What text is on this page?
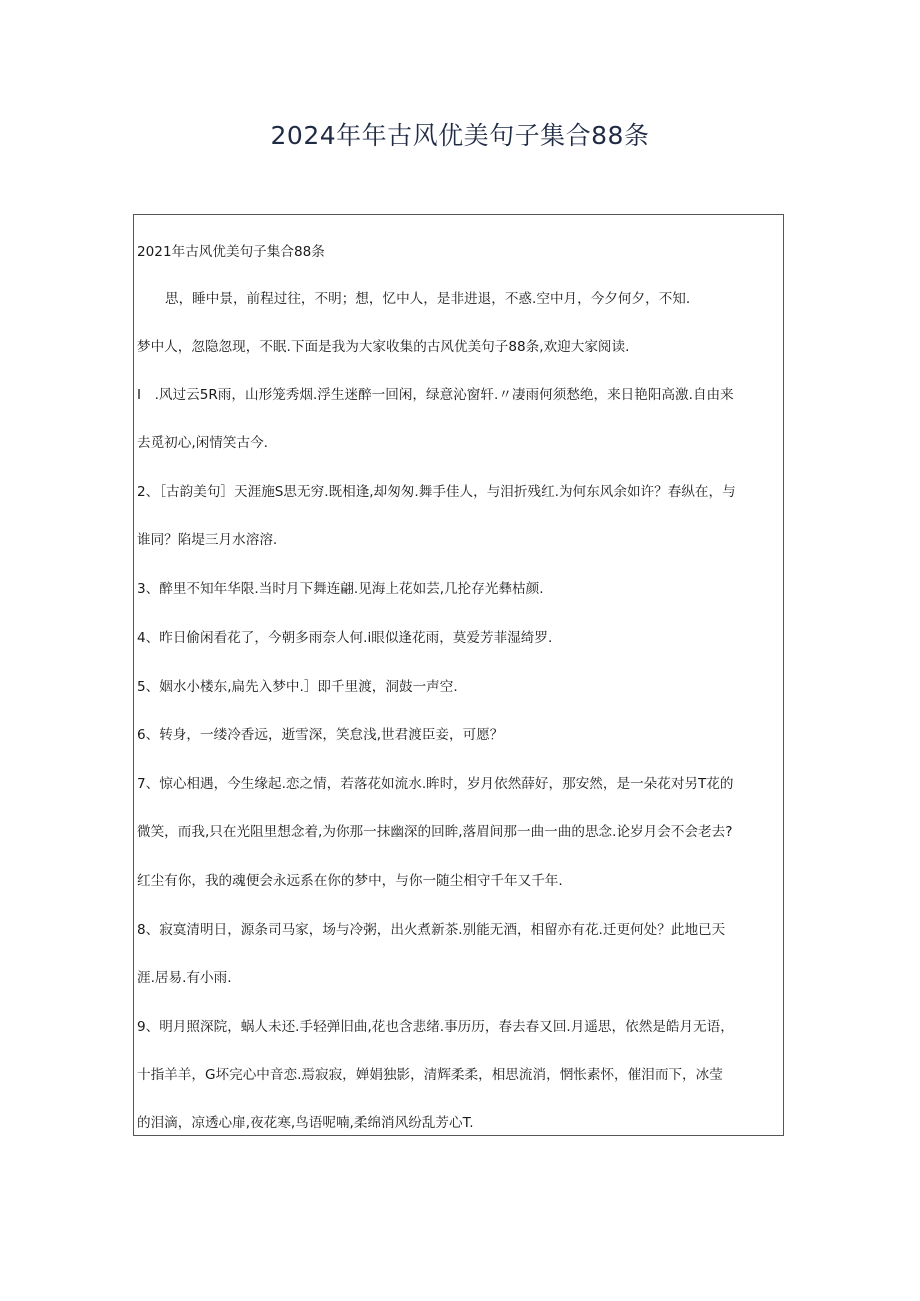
2024年年古风优美句子集合88条
2021年古风优美句子集合88条
思，睡中景，前程过往，不明；想，忆中人，是非进退，不惑.空中月，今夕何夕，不知.
梦中人，忽隐忽现，不眠.下面是我为大家收集的古风优美句子88条,欢迎大家阅读.
I　.风过云5R雨，山形笼秀烟.浮生迷醉一回闲，绿意沁窗轩.〃凄雨何须愁绝，来日艳阳高激.自由来
去觅初心,闲情笑古今.
2、［古韵美句］天涯施S思无穷.既相逢,却匆匆.舞手佳人，与泪折残红.为何东风余如许？春纵在，与
谁同？陷堤三月水溶溶.
3、醉里不知年华限.当时月下舞连翩.见海上花如芸,几抡存光彝枯颜.
4、昨日偷闲看花了，今朝多雨奈人何.i眼似逢花雨，莫爱芳菲湿绮罗.
5、姻水小楼东,扁先入梦中.］即千里渡，洞鼓一声空.
6、转身，一缕冷香远，逝雪深，笑怠浅,世君渡臣妾，可愿？
7、惊心相遇，今生缘起.恋之情，若落花如流水.眸时，岁月依然薛好，那安然，是一朵花对另T花的
微笑，而我,只在光阻里想念着,为你那一抹幽深的回眸,落眉间那一曲一曲的思念.论岁月会不会老去?
红尘有你，我的魂便会永远系在你的梦中，与你一随尘相守千年又千年.
8、寂寞清明日，源条司马家，场与冷粥，出火煮新茶.别能无酒，相留亦有花.迁更何处？此地已天
涯.居易.有小雨.
9、明月照深院，蜗人未还.手轻弹旧曲,花也含悲绪.事历历，春去春又回.月遥思，依然是皓月无语，
十指羊羊，G坏完心中音恋.焉寂寂，婵娟独影，清辉柔柔，相思流消，惘怅素怀，催泪而下，冰莹
的泪滴，凉透心扉,夜花寒,鸟语呢喃,柔绵消风纷乱芳心T.
